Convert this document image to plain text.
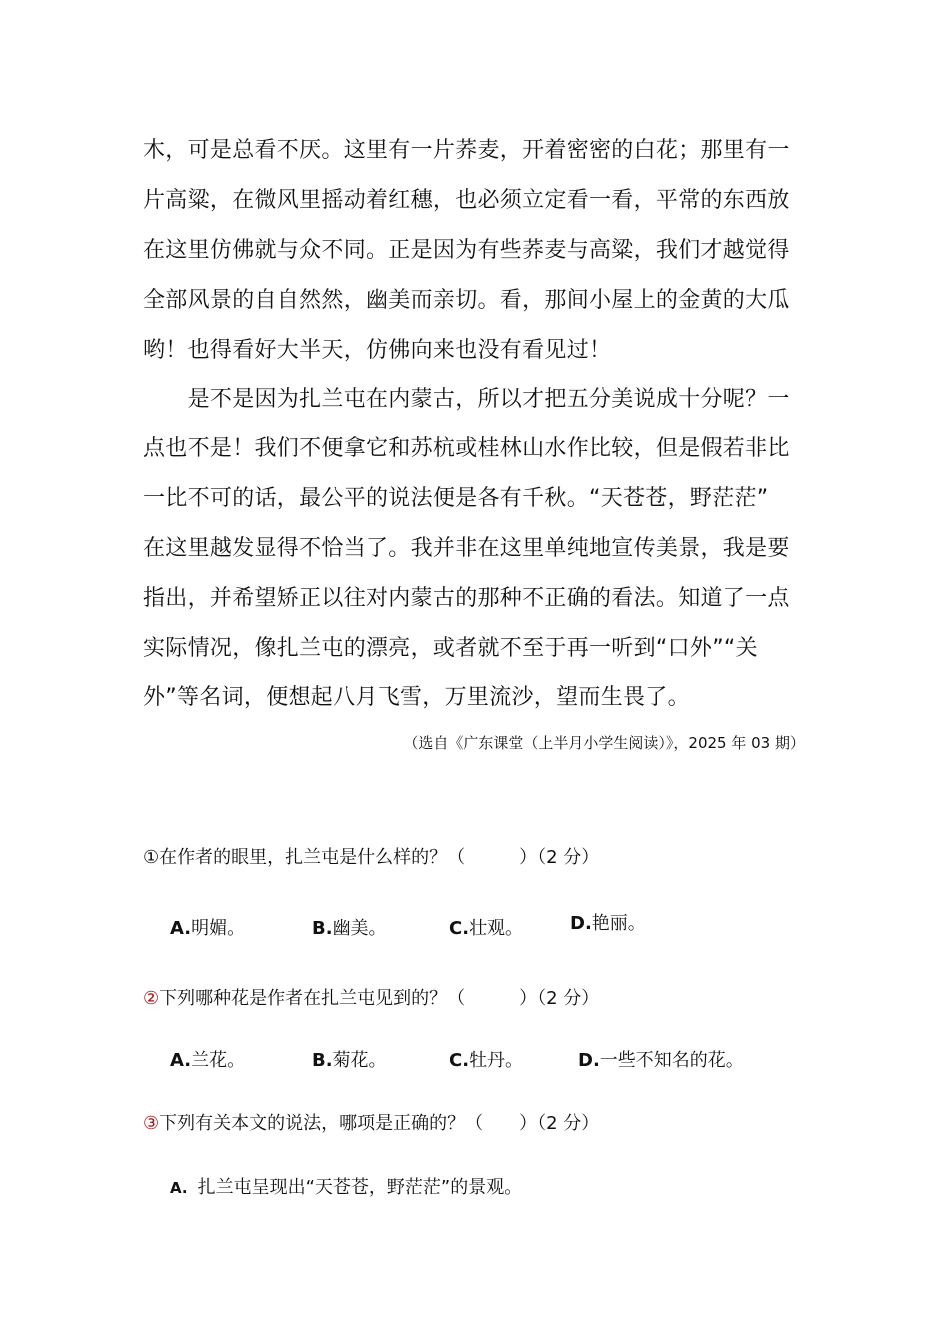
木，可是总看不厌。这里有一片荞麦，开着密密的白花；那里有一
片高粱，在微风里摇动着红穗，也必须立定看一看，平常的东西放
在这里仿佛就与众不同。正是因为有些荞麦与高粱，我们才越觉得
全部风景的自自然然，幽美而亲切。看，那间小屋上的金黄的大瓜
哟！也得看好大半天，仿佛向来也没有看见过！
　　是不是因为扎兰屯在内蒙古，所以才把五分美说成十分呢？一
点也不是！我们不便拿它和苏杭或桂林山水作比较，但是假若非比
一比不可的话，最公平的说法便是各有千秋。“天苍苍，野茫茫”
在这里越发显得不恰当了。我并非在这里单纯地宣传美景，我是要
指出，并希望矫正以往对内蒙古的那种不正确的看法。知道了一点
实际情况，像扎兰屯的漂亮，或者就不至于再一听到“口外”“关
外”等名词，便想起八月飞雪，万里流沙，望而生畏了。
（选自《广东课堂（上半月小学生阅读）》，2025 年 03 期）
①在作者的眼里，扎兰屯是什么样的？（　　　）（2 分）
A.明媚。	B.幽美。	C.壮观。	D.艳丽。
②下列哪种花是作者在扎兰屯见到的？（　　　）（2 分）
A.兰花。	B.菊花。	C.牡丹。	D.一些不知名的花。
③下列有关本文的说法，哪项是正确的？（　　）（2 分）
A. 扎兰屯呈现出“天苍苍，野茫茫”的景观。
